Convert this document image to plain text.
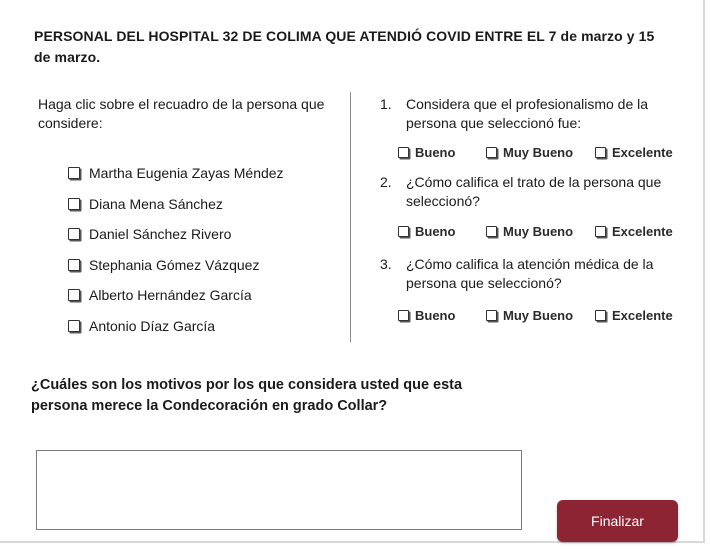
PERSONAL DEL HOSPITAL 32 DE COLIMA QUE ATENDIÓ COVID ENTRE EL 7 de marzo y 15 de marzo.
Haga clic sobre el recuadro de la persona que considere:
Martha Eugenia Zayas Méndez
Diana Mena Sánchez
Daniel Sánchez Rivero
Stephania Gómez Vázquez
Alberto Hernández García
Antonio Díaz García
1. Considera que el profesionalismo de la persona que seleccionó fue:
Bueno	Muy Bueno	Excelente
2. ¿Cómo califica el trato de la persona que seleccionó?
Bueno	Muy Bueno	Excelente
3. ¿Cómo califica la atención médica de la persona que seleccionó?
Bueno	Muy Bueno	Excelente
¿Cuáles son los motivos por los que considera usted que esta persona merece la Condecoración en grado Collar?
Finalizar
